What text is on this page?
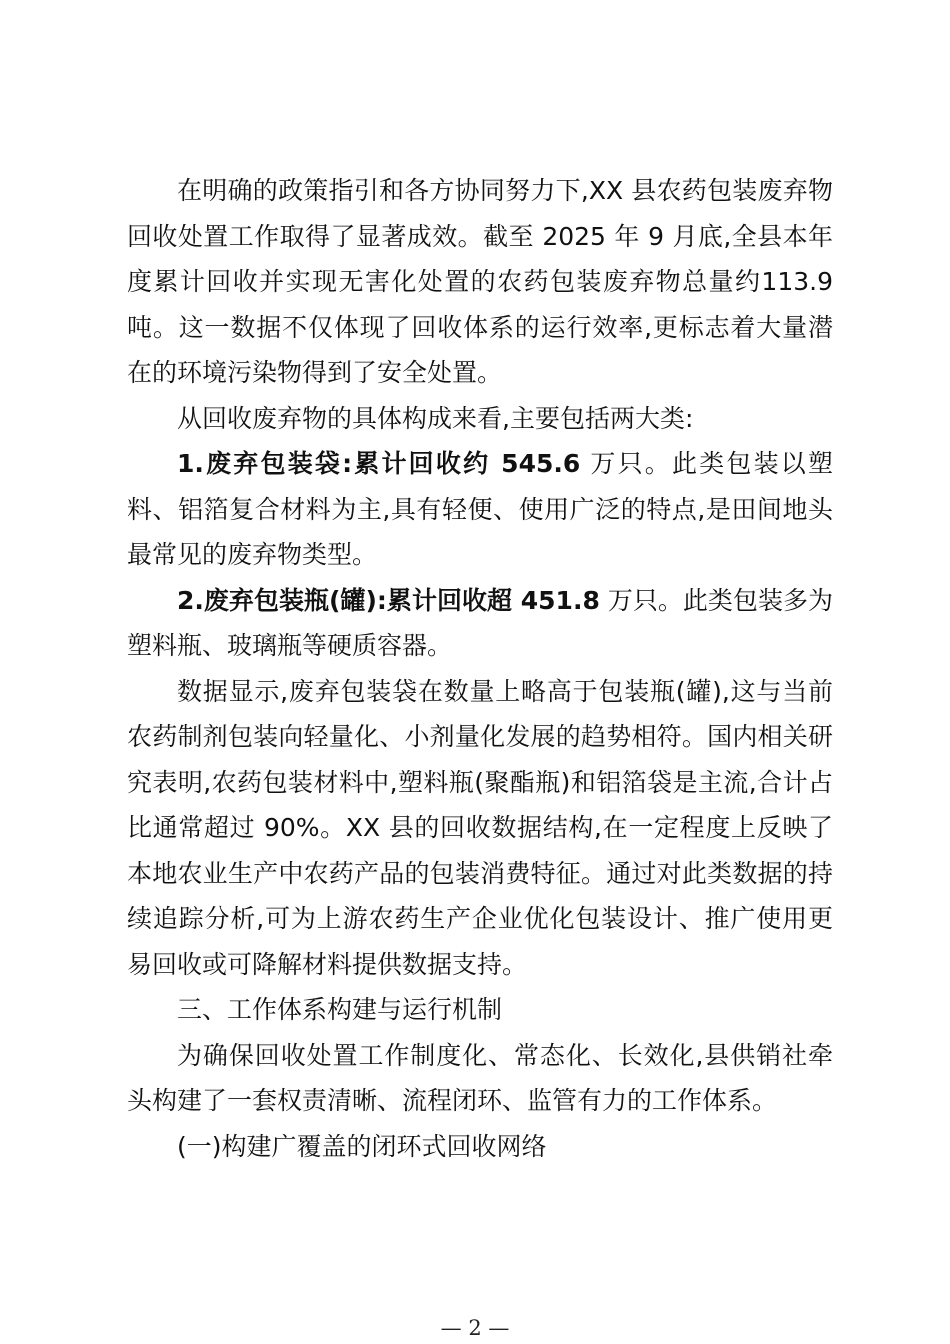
在明确的政策指引和各方协同努力下,XX 县农药包装废弃物回收处置工作取得了显著成效。截至 2025 年 9 月底,全县本年度累计回收并实现无害化处置的农药包装废弃物总量约113.9 吨。这一数据不仅体现了回收体系的运行效率,更标志着大量潜在的环境污染物得到了安全处置。

从回收废弃物的具体构成来看,主要包括两大类:

1.废弃包装袋:累计回收约 545.6 万只。此类包装以塑料、铝箔复合材料为主,具有轻便、使用广泛的特点,是田间地头最常见的废弃物类型。

2.废弃包装瓶(罐):累计回收超 451.8 万只。此类包装多为塑料瓶、玻璃瓶等硬质容器。

数据显示,废弃包装袋在数量上略高于包装瓶(罐),这与当前农药制剂包装向轻量化、小剂量化发展的趋势相符。国内相关研究表明,农药包装材料中,塑料瓶(聚酯瓶)和铝箔袋是主流,合计占比通常超过 90%。XX 县的回收数据结构,在一定程度上反映了本地农业生产中农药产品的包装消费特征。通过对此类数据的持续追踪分析,可为上游农药生产企业优化包装设计、推广使用更易回收或可降解材料提供数据支持。

三、工作体系构建与运行机制

为确保回收处置工作制度化、常态化、长效化,县供销社牵头构建了一套权责清晰、流程闭环、监管有力的工作体系。

(一)构建广覆盖的闭环式回收网络

— 2 —
